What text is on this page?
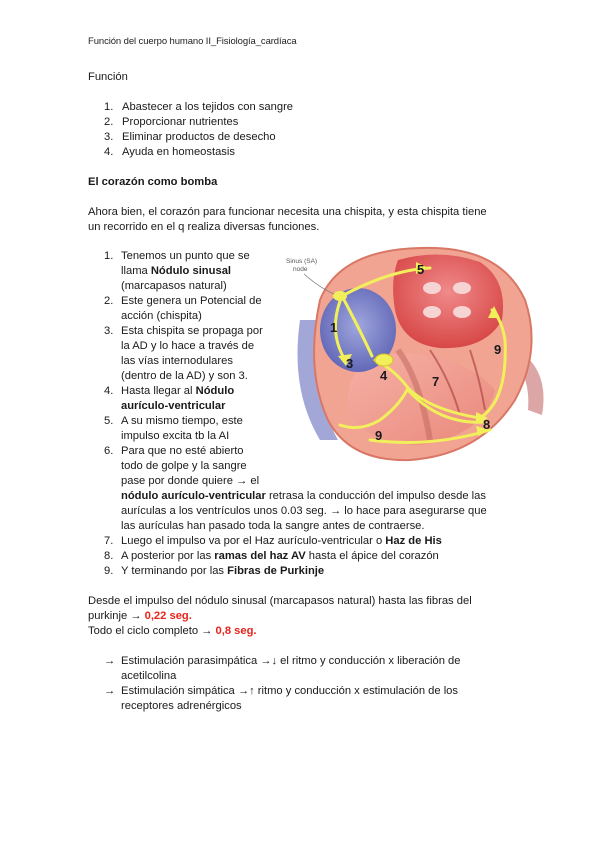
Función del cuerpo humano II_Fisiología_cardíaca
Función
1. Abastecer a los tejidos con sangre
2. Proporcionar nutrientes
3. Eliminar productos de desecho
4. Ayuda en homeostasis
El corazón como bomba
Ahora bien, el corazón para funcionar necesita una chispita, y esta chispita tiene
un recorrido en el q realiza diversas funciones.
1. Tenemos un punto que se
llama Nódulo sinusal
(marcapasos natural)
2. Este genera un Potencial de
acción (chispita)
3. Esta chispita se propaga por
la AD y lo hace a través de
las vías internodulares
(dentro de la AD) y son 3.
4. Hasta llegar al Nódulo
aurículo-ventricular
5. A su mismo tiempo, este
impulso excita tb la AI
6. Para que no esté abierto
todo de golpe y la sangre
pase por donde quiere → el
nódulo aurículo-ventricular retrasa la conducción del impulso desde las
aurículas a los ventrículos unos 0.03 seg. → lo hace para asegurarse que
las aurículas han pasado toda la sangre antes de contraerse.
7. Luego el impulso va por el Haz aurículo-ventricular o Haz de His
8. A posterior por las ramas del haz AV hasta el ápice del corazón
9. Y terminando por las Fibras de Purkinje
Desde el impulso del nódulo sinusal (marcapasos natural) hasta las fibras del
purkinje → 0,22 seg.
Todo el ciclo completo → 0,8 seg.
→ Estimulación parasimpática →↓ el ritmo y conducción x liberación de
acetilcolina
→ Estimulación simpática →↑ ritmo y conducción x estimulación de los
receptores adrenérgicos
Sinus (SA)
node
1
3
4
5
7
8
9
9
